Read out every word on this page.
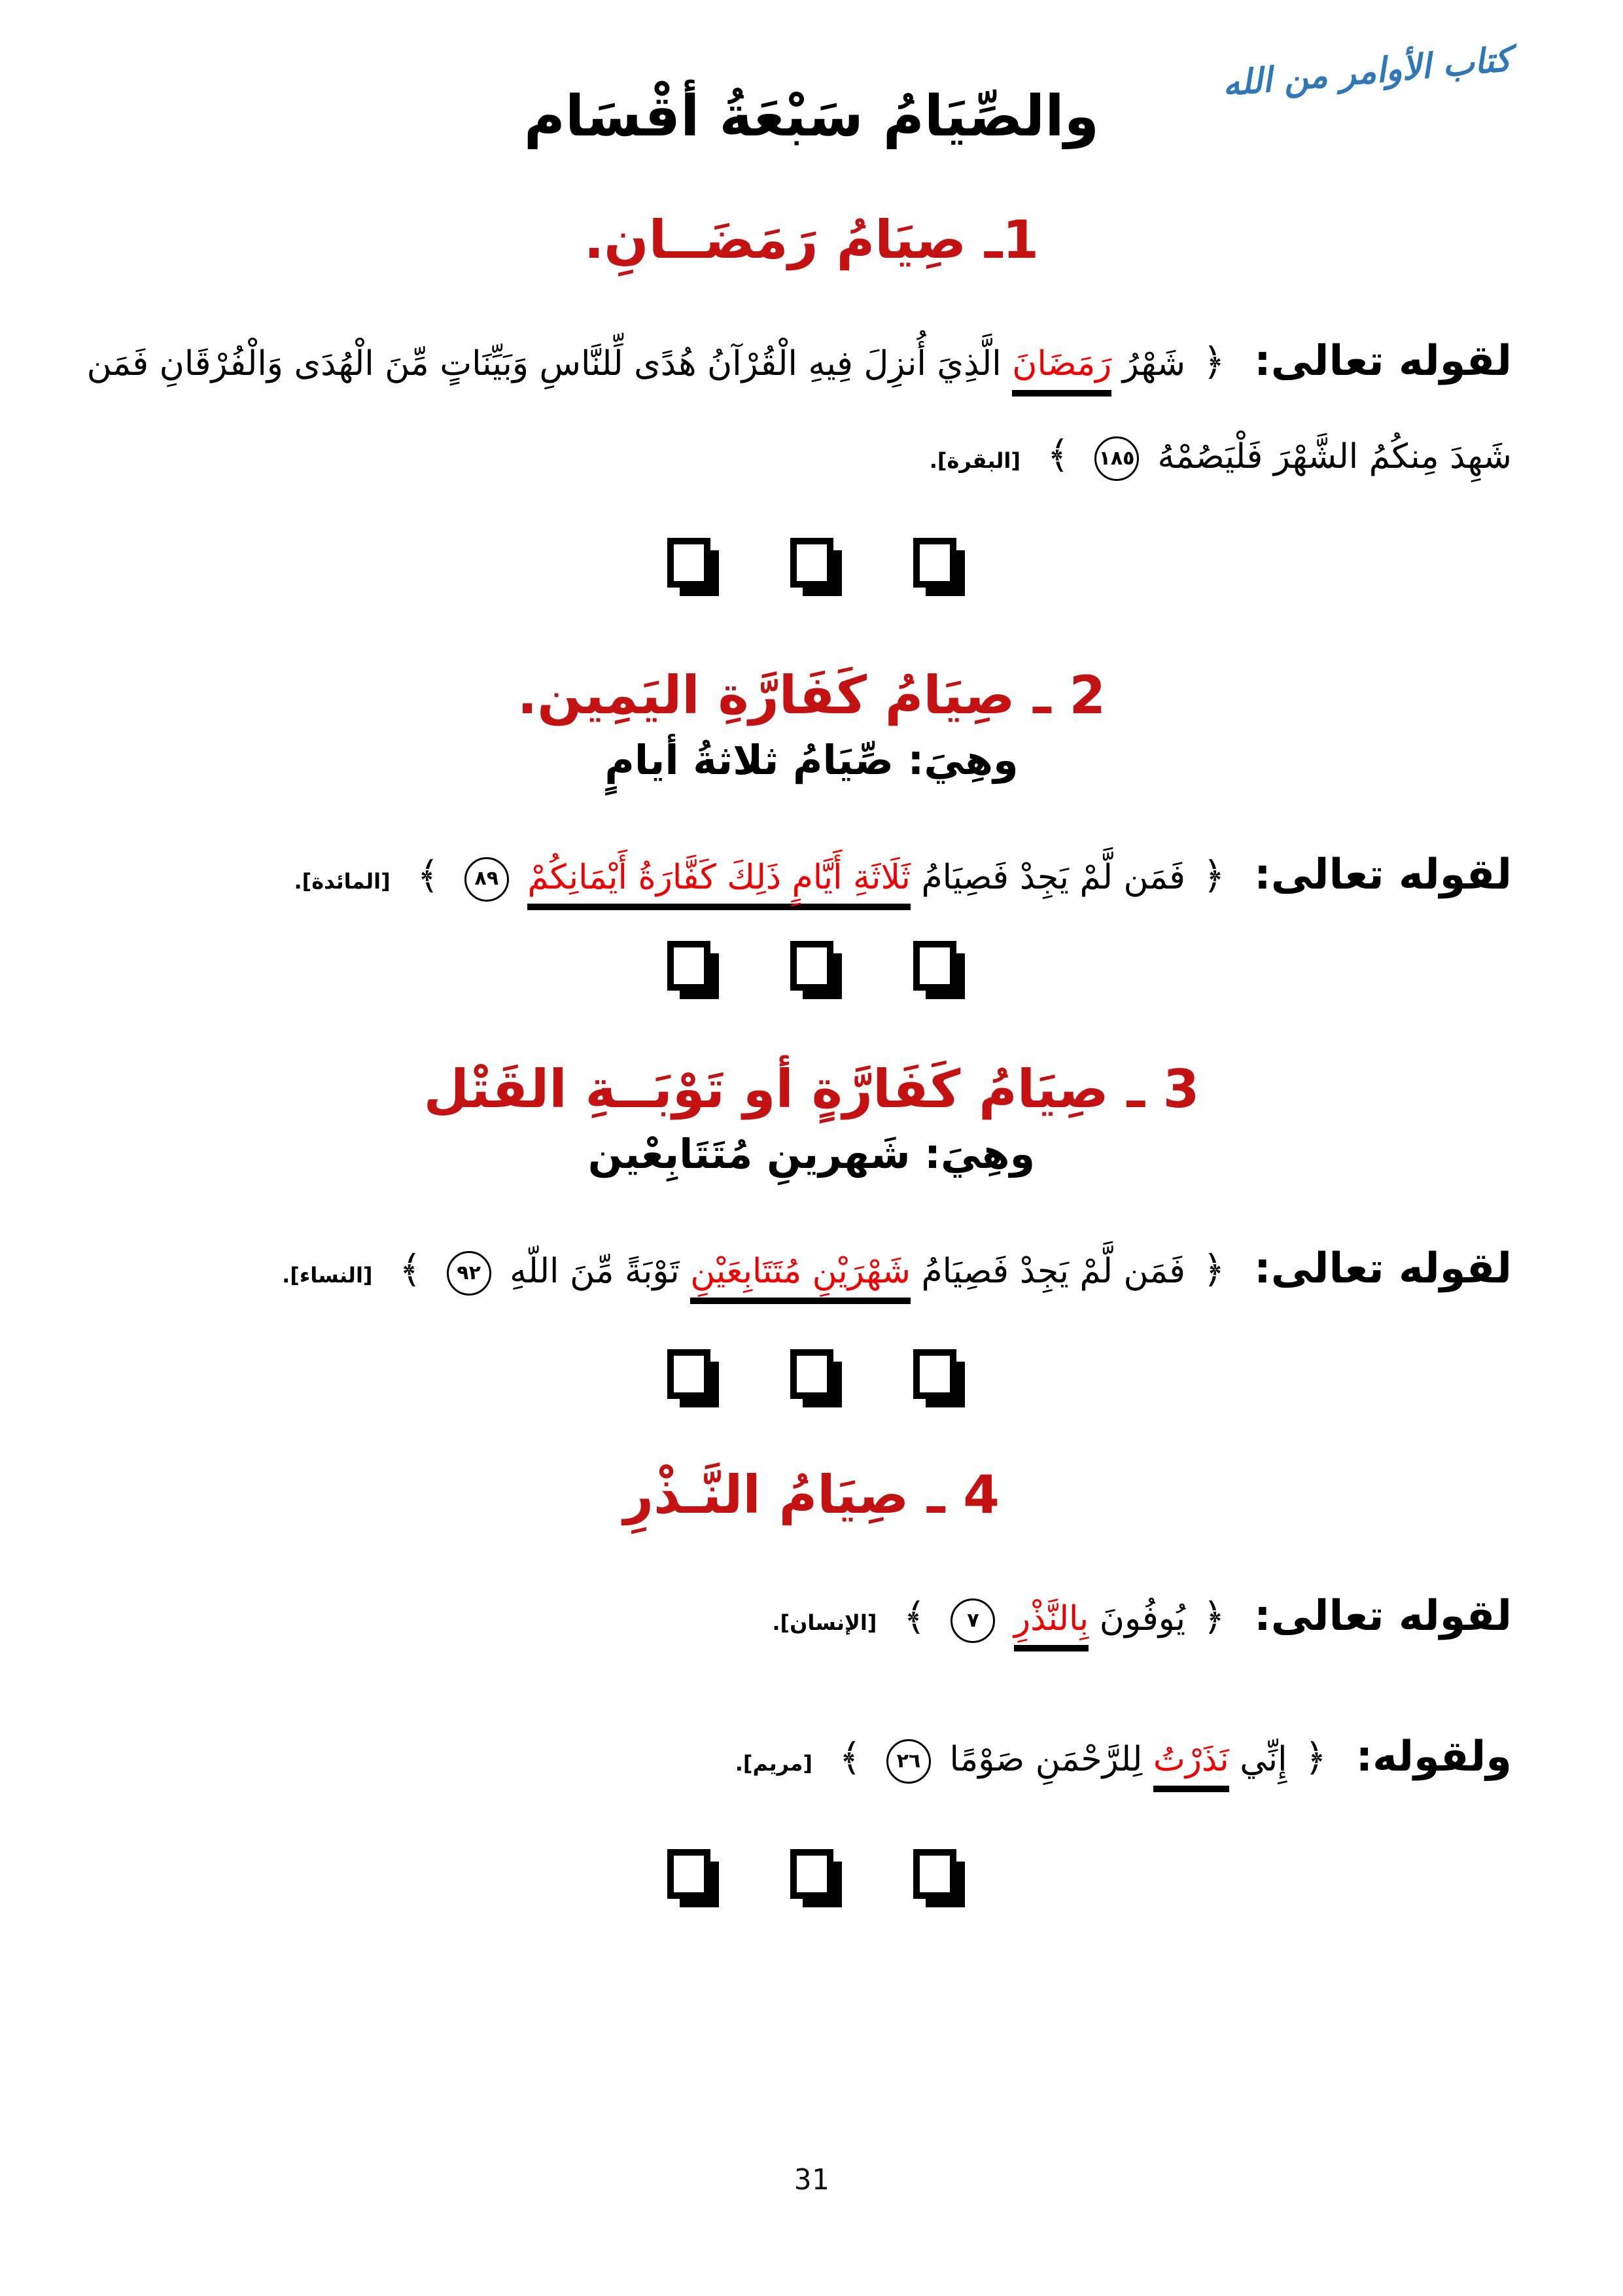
كتاب الأوامر من الله
والصِّيَامُ سَبْعَةُ أقْسَام
1ـ صِيَامُ رَمَضَــانِ.

لقوله تعالى: ﴿ شَهْرُ رَمَضَانَ الَّذِيَ أُنزِلَ فِيهِ الْقُرْآنُ هُدًى لِّلنَّاسِ وَبَيِّنَاتٍ مِّنَ الْهُدَى وَالْفُرْقَانِ فَمَن شَهِدَ مِنكُمُ الشَّهْرَ فَلْيَصُمْهُ ١٨٥ ﴾ [البقرة].

2 ـ صِيَامُ كَفَارَّةِ اليَمِين.
وهِيَ: صِّيَامُ ثلاثةُ أيامٍ

لقوله تعالى: ﴿ فَمَن لَّمْ يَجِدْ فَصِيَامُ ثَلَاثَةِ أَيَّامٍ ذَلِكَ كَفَّارَةُ أَيْمَانِكُمْ ٨٩ ﴾ [المائدة].

3 ـ صِيَامُ كَفَارَّةٍ أو تَوْبَــةِ القَتْل
وهِيَ: شَهرينِ مُتَتَابِعْين

لقوله تعالى: ﴿ فَمَن لَّمْ يَجِدْ فَصِيَامُ شَهْرَيْنِ مُتَتَابِعَيْنِ تَوْبَةً مِّنَ اللّهِ ٩٢ ﴾ [النساء].

4 ـ صِيَامُ النَّـذْرِ

لقوله تعالى: ﴿ يُوفُونَ بِالنَّذْرِ ٧ ﴾ [الإنسان].

ولقوله: ﴿ إِنِّي نَذَرْتُ لِلرَّحْمَنِ صَوْمًا ٢٦ ﴾ [مريم].

31
